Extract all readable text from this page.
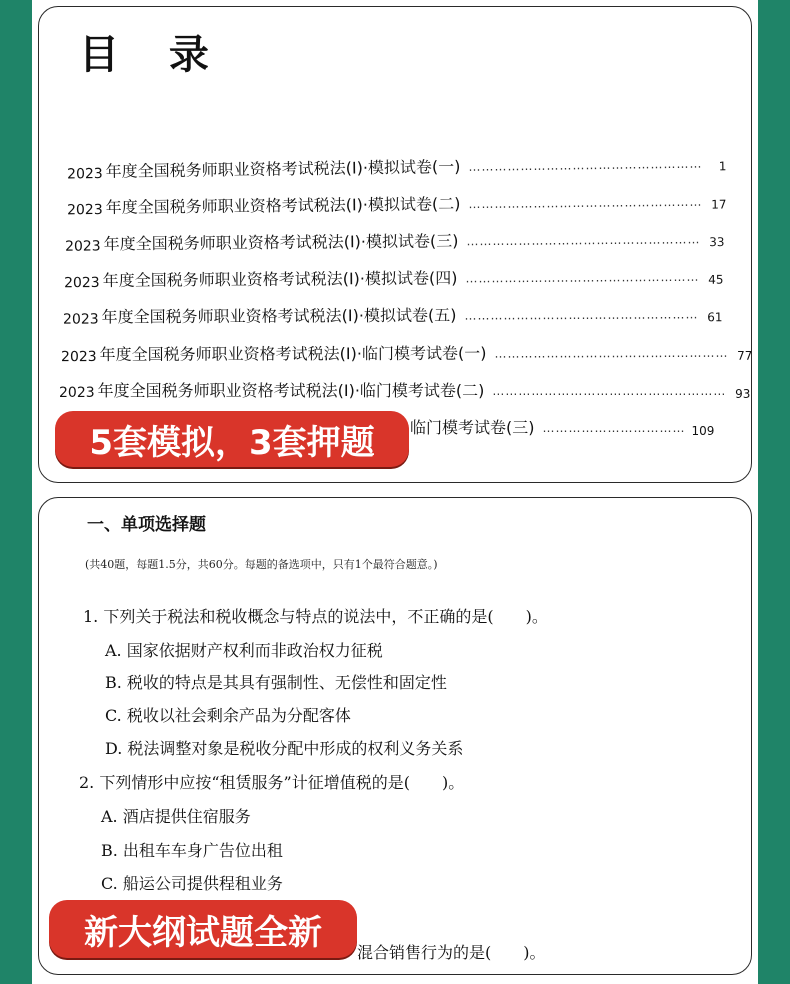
目 录
2023 年度全国税务师职业资格考试税法(Ⅰ)·模拟试卷(一) ………………………………………………	1
2023 年度全国税务师职业资格考试税法(Ⅰ)·模拟试卷(二) ……………………………………………… 17
2023 年度全国税务师职业资格考试税法(Ⅰ)·模拟试卷(三) ……………………………………………… 33
2023 年度全国税务师职业资格考试税法(Ⅰ)·模拟试卷(四) ……………………………………………… 45
2023 年度全国税务师职业资格考试税法(Ⅰ)·模拟试卷(五) ……………………………………………… 61
2023 年度全国税务师职业资格考试税法(Ⅰ)·临门模考试卷(一) ……………………………………………… 77
2023 年度全国税务师职业资格考试税法(Ⅰ)·临门模考试卷(二) ……………………………………………… 93
临门模考试卷(三) …………………………… 109
5套模拟，3套押题
一、单项选择题
(共40题，每题1.5分，共60分。每题的备选项中，只有1个最符合题意。)
1. 下列关于税法和税收概念与特点的说法中，不正确的是(　　)。
A. 国家依据财产权利而非政治权力征税
B. 税收的特点是其具有强制性、无偿性和固定性
C. 税收以社会剩余产品为分配客体
D. 税法调整对象是税收分配中形成的权利义务关系
2. 下列情形中应按“租赁服务”计征增值税的是(　　)。
A. 酒店提供住宿服务
B. 出租车车身广告位出租
C. 船运公司提供程租业务
混合销售行为的是(　　)。
新大纲试题全新
